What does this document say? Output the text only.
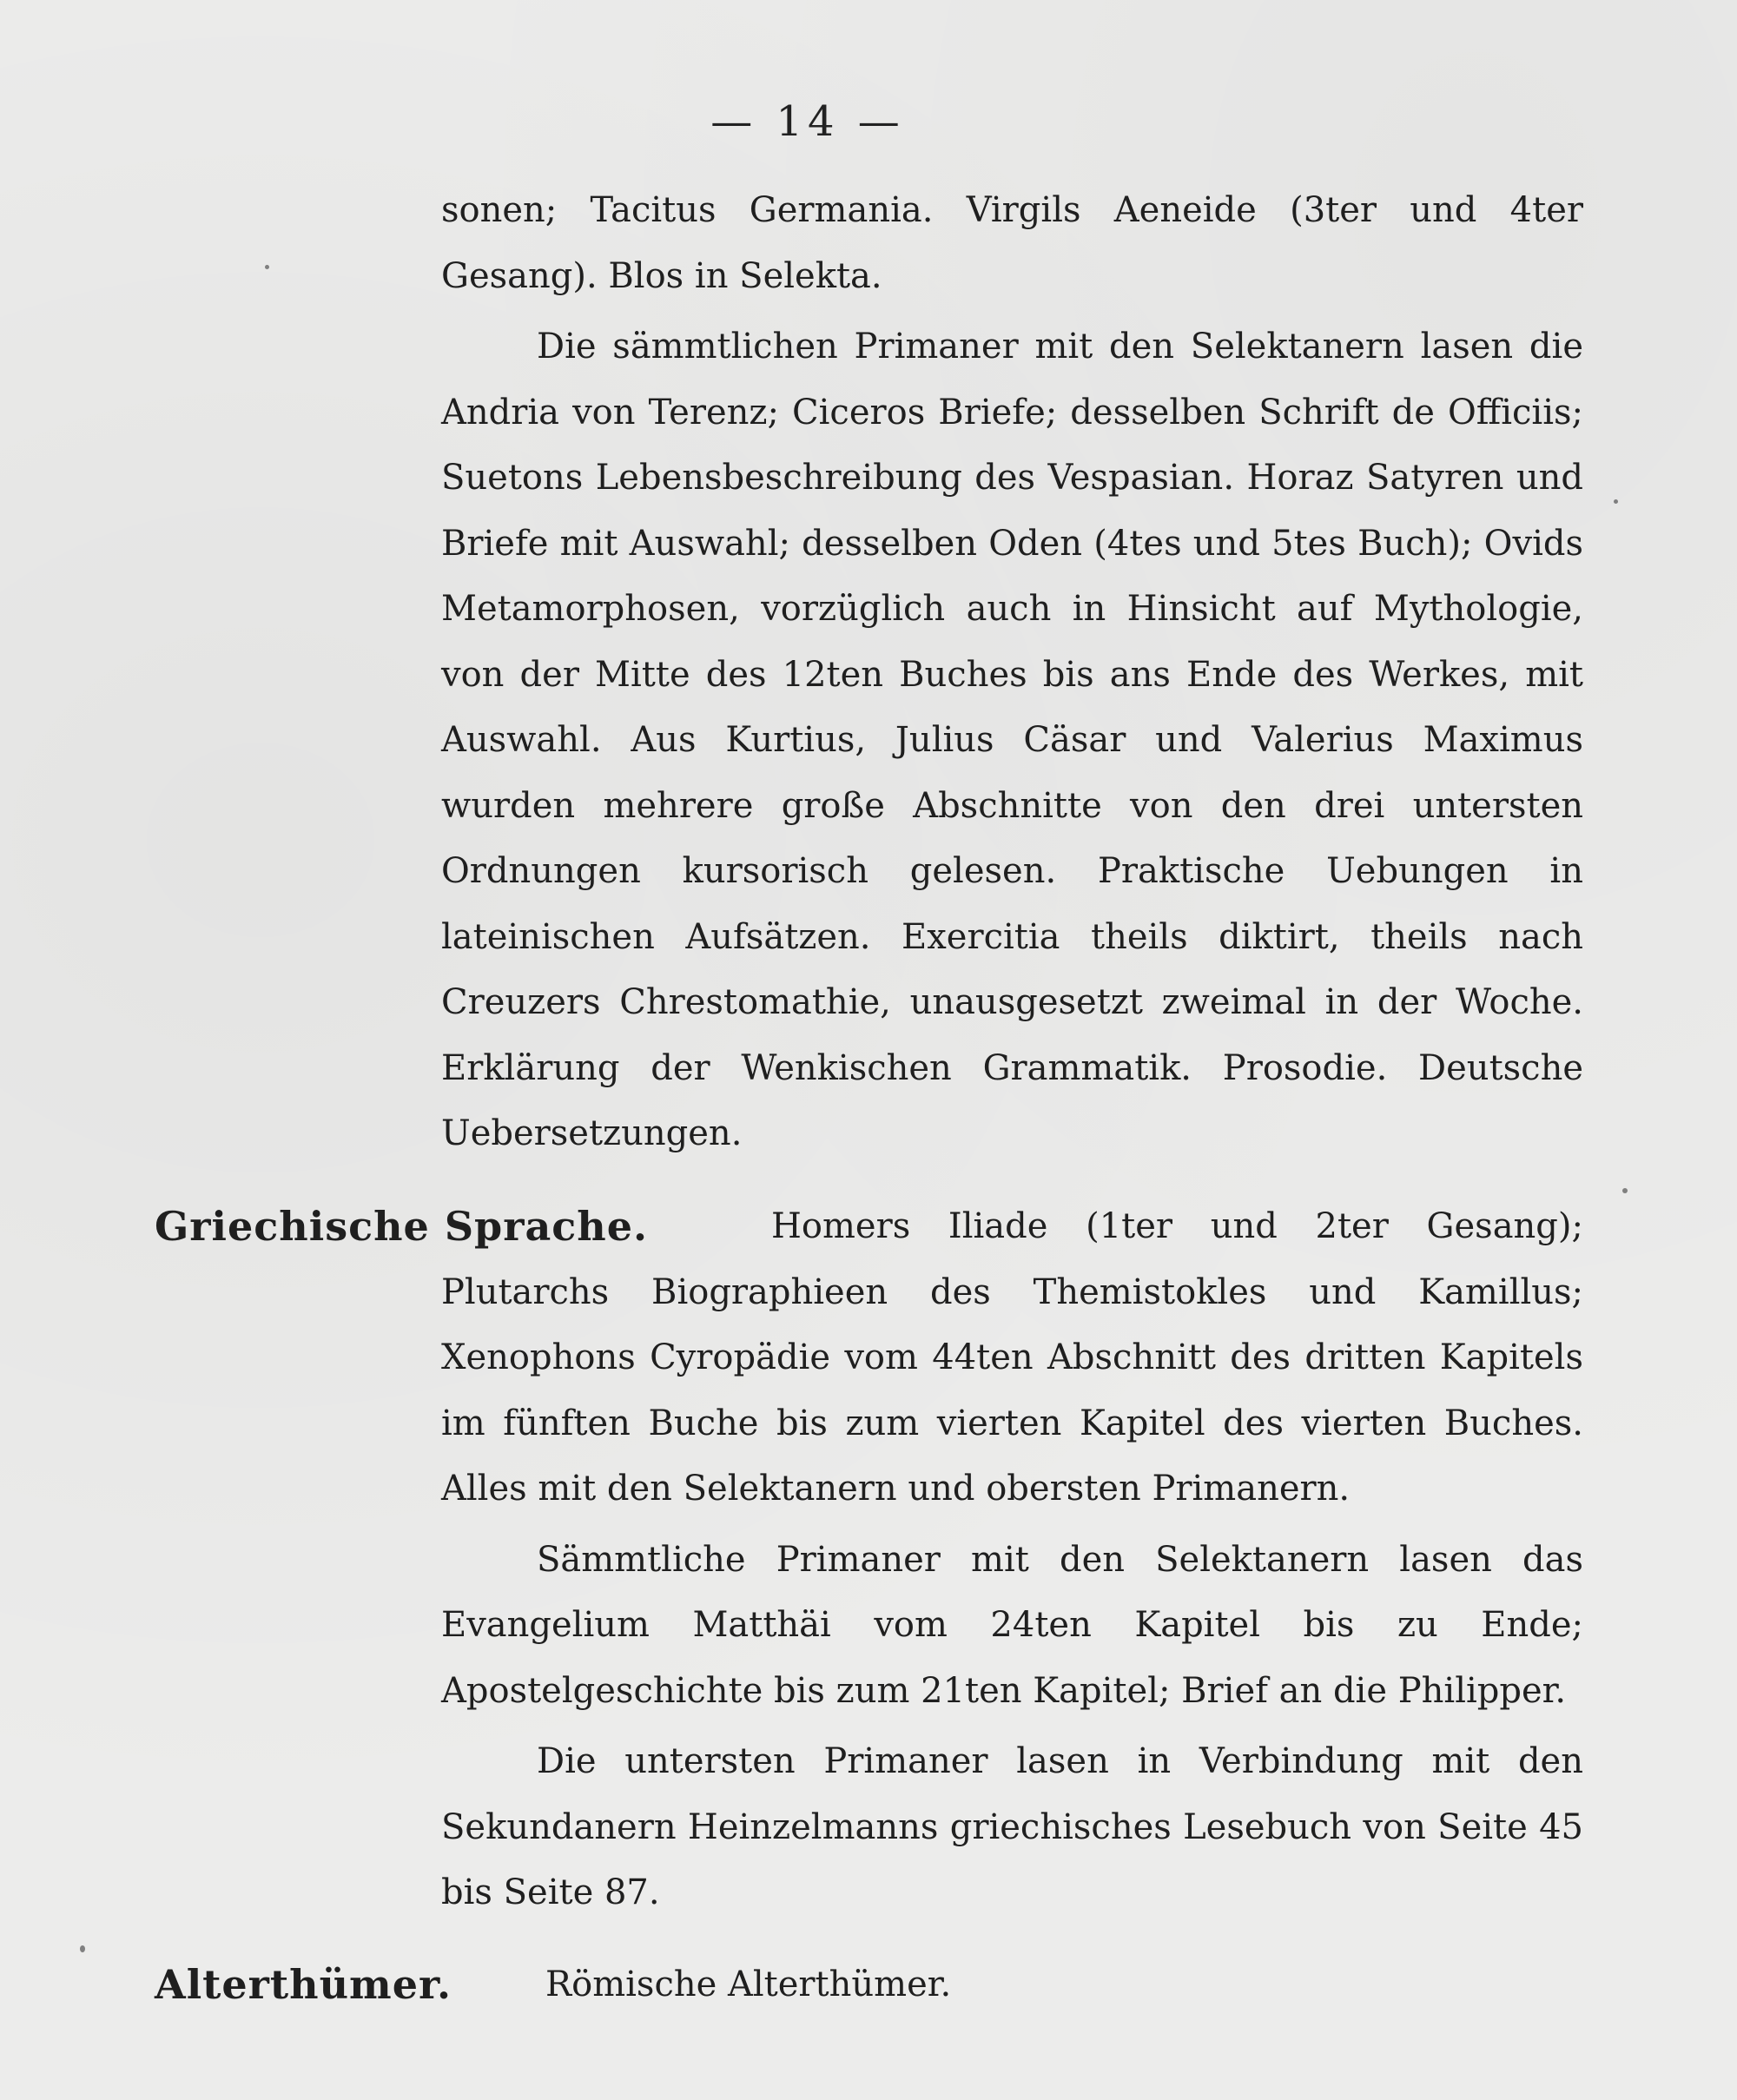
— 14 —

sonen; Tacitus Germania. Virgils Aeneide (3ter und 4ter Gesang). Blos in Selekta.

Die sämmtlichen Primaner mit den Selektanern lasen die Andria von Terenz; Ciceros Briefe; desselben Schrift de Officiis; Suetons Lebensbeschreibung des Vespasian. Horaz Satyren und Briefe mit Auswahl; desselben Oden (4tes und 5tes Buch); Ovids Metamorphosen, vorzüglich auch in Hinsicht auf Mythologie, von der Mitte des 12ten Buches bis ans Ende des Werkes, mit Auswahl. Aus Kurtius, Julius Cäsar und Valerius Maximus wurden mehrere große Abschnitte von den drei untersten Ordnungen kursorisch gelesen. Praktische Uebungen in lateinischen Aufsätzen. Exercitia theils diktirt, theils nach Creuzers Chrestomathie, unausgesetzt zweimal in der Woche. Erklärung der Wenkischen Grammatik. Prosodie. Deutsche Uebersetzungen.

Griechische Sprache.	Homers Iliade (1ter und 2ter Gesang); Plutarchs Biographieen des Themistokles und Kamillus; Xenophons Cyropädie vom 44ten Abschnitt des dritten Kapitels im fünften Buche bis zum vierten Kapitel des vierten Buches. Alles mit den Selektanern und obersten Primanern.

Sämmtliche Primaner mit den Selektanern lasen das Evangelium Matthäi vom 24ten Kapitel bis zu Ende; Apostelgeschichte bis zum 21ten Kapitel; Brief an die Philipper.

Die untersten Primaner lasen in Verbindung mit den Sekundanern Heinzelmanns griechisches Lesebuch von Seite 45 bis Seite 87.

Alterthümer.	Römische Alterthümer.
